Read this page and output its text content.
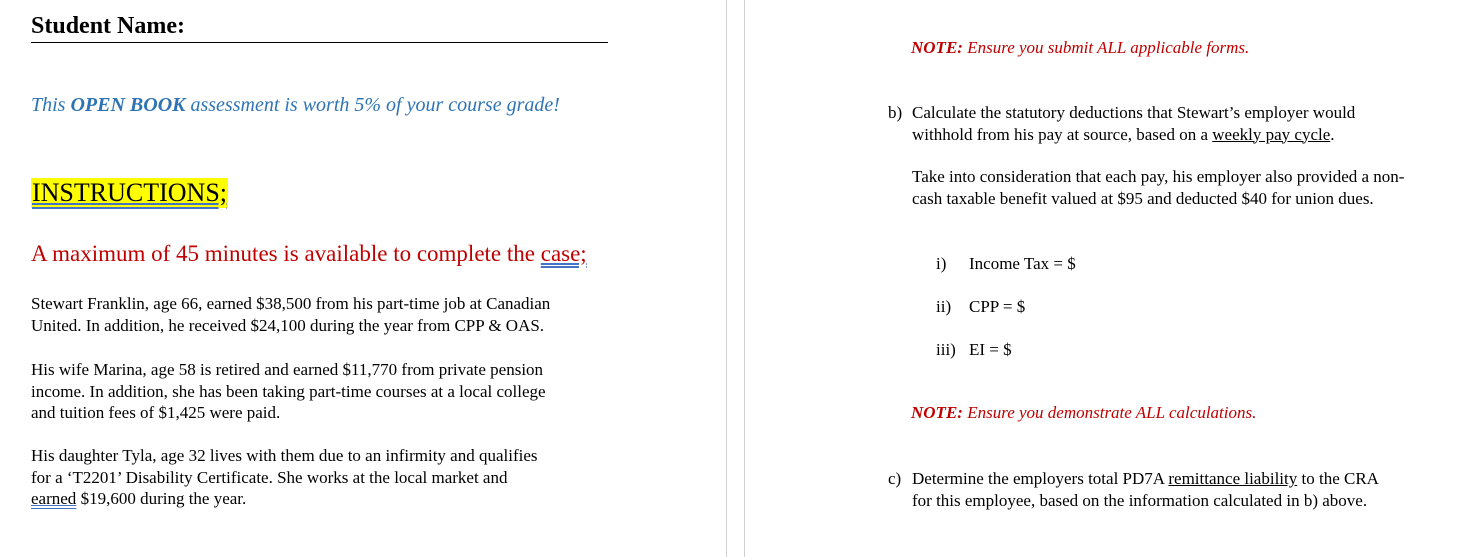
Student Name:
This OPEN BOOK assessment is worth 5% of your course grade!
INSTRUCTIONS;
A maximum of 45 minutes is available to complete the case;

Stewart Franklin, age 66, earned $38,500 from his part-time job at Canadian

United. In addition, he received $24,100 during the year from CPP & OAS.

His wife Marina, age 58 is retired and earned $11,770 from private pension

income. In addition, she has been taking part-time courses at a local college

and tuition fees of $1,425 were paid.

His daughter Tyla, age 32 lives with them due to an infirmity and qualifies

for a ‘T2201’ Disability Certificate. She works at the local market and

earned $19,600 during the year.

NOTE: Ensure you submit ALL applicable forms.
b) Calculate the statutory deductions that Stewart’s employer would
withhold from his pay at source, based on a weekly pay cycle.
Take into consideration that each pay, his employer also provided a non-
cash taxable benefit valued at $95 and deducted $40 for union dues.
i) Income Tax = $
ii) CPP = $
iii) EI = $
NOTE: Ensure you demonstrate ALL calculations.
c) Determine the employers total PD7A remittance liability to the CRA
for this employee, based on the information calculated in b) above.
